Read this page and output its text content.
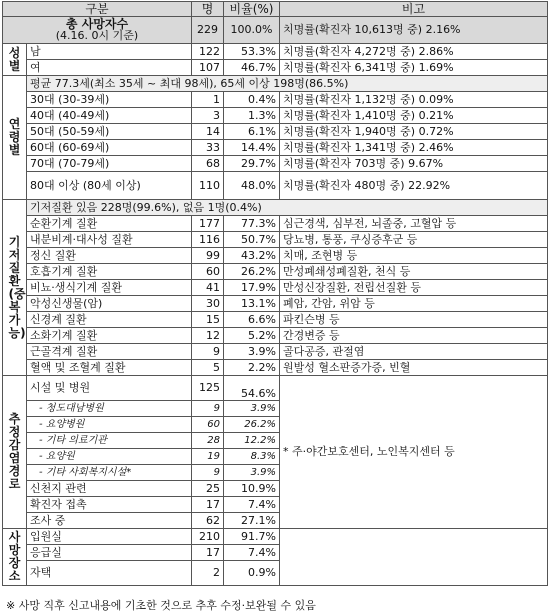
구분		명	비율(%)	비고

총 사망자수
(4.16. 0시 기준)		229	100.0%	치명률(확진자 10,613명 중) 2.16%

성별	남	122	53.3%	치명률(확진자 4,272명 중) 2.86%
	여	107	46.7%	치명률(확진자 6,341명 중) 1.69%

연령별	평균 77.3세(최소 35세 ~ 최대 98세), 65세 이상 198명(86.5%)			
	30대 (30-39세)	1	0.4%	치명률(확진자 1,132명 중) 0.09%
	40대 (40-49세)	3	1.3%	치명률(확진자 1,410명 중) 0.21%
	50대 (50-59세)	14	6.1%	치명률(확진자 1,940명 중) 0.72%
	60대 (60-69세)	33	14.4%	치명률(확진자 1,341명 중) 2.46%
	70대 (70-79세)	68	29.7%	치명률(확진자 703명 중) 9.67%
	80대 이상 (80세 이상)	110	48.0%	치명률(확진자 480명 중) 22.92%

기저질환(중복가능)	기저질환 있음 228명(99.6%), 없음 1명(0.4%)			
	순환기계 질환	177	77.3%	심근경색, 심부전, 뇌졸중, 고혈압 등
	내분비계·대사성 질환	116	50.7%	당뇨병, 통풍, 쿠싱증후군 등
	정신 질환	99	43.2%	치매, 조현병 등
	호흡기계 질환	60	26.2%	만성폐쇄성폐질환, 천식 등
	비뇨·생식기계 질환	41	17.9%	만성신장질환, 전립선질환 등
	악성신생물(암)	30	13.1%	폐암, 간암, 위암 등
	신경계 질환	15	6.6%	파킨슨병 등
	소화기계 질환	12	5.2%	간경변증 등
	근골격계 질환	9	3.9%	골다공증, 관절염
	혈액 및 조혈계 질환	5	2.2%	원발성 혈소판증가증, 빈혈

추정감염경로	시설 및 병원	125	54.6%	* 주·야간보호센터, 노인복지센터 등
	- 청도대남병원	9	3.9%	
	- 요양병원	60	26.2%	
	- 기타 의료기관	28	12.2%	
	- 요양원	19	8.3%	
	- 기타 사회복지시설*	9	3.9%	
	신천지 관련	25	10.9%	
	확진자 접촉	17	7.4%	
	조사 중	62	27.1%	

사망장소	입원실	210	91.7%	
	응급실	17	7.4%	
	자택	2	0.9%	
※ 사망 직후 신고내용에 기초한 것으로 추후 수정·보완될 수 있음
